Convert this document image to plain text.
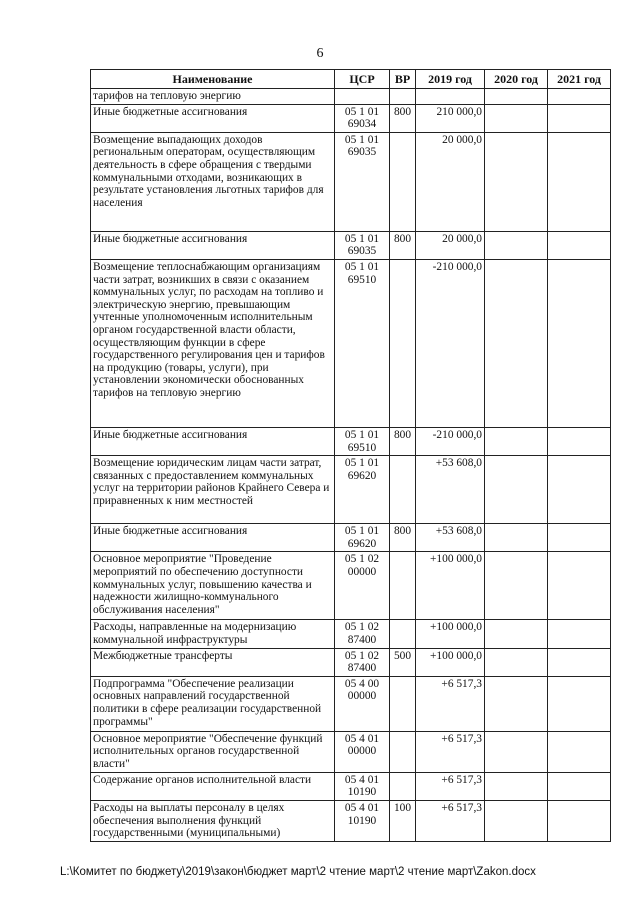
6
Наименование	ЦСР	ВР	2019 год	2020 год	2021 год
тарифов на тепловую энергию					
Иные бюджетные ассигнования	05 1 01 69034	800	210 000,0		
Возмещение выпадающих доходов региональным операторам, осуществляющим деятельность в сфере обращения с твердыми коммунальными отходами, возникающих в результате установления льготных тарифов для населения	05 1 01 69035		20 000,0		
Иные бюджетные ассигнования	05 1 01 69035	800	20 000,0		
Возмещение теплоснабжающим организациям части затрат, возникших в связи с оказанием коммунальных услуг, по расходам на топливо и электрическую энергию, превышающим учтенные уполномоченным исполнительным органом государственной власти области, осуществляющим функции в сфере государственного регулирования цен и тарифов на продукцию (товары, услуги), при установлении экономически обоснованных тарифов на тепловую энергию	05 1 01 69510		-210 000,0		
Иные бюджетные ассигнования	05 1 01 69510	800	-210 000,0		
Возмещение юридическим лицам части затрат, связанных с предоставлением коммунальных услуг на территории районов Крайнего Севера и приравненных к ним местностей	05 1 01 69620		+53 608,0		
Иные бюджетные ассигнования	05 1 01 69620	800	+53 608,0		
Основное мероприятие "Проведение мероприятий по обеспечению доступности коммунальных услуг, повышению качества и надежности жилищно-коммунального обслуживания населения"	05 1 02 00000		+100 000,0		
Расходы, направленные на модернизацию коммунальной инфраструктуры	05 1 02 87400		+100 000,0		
Межбюджетные трансферты	05 1 02 87400	500	+100 000,0		
Подпрограмма "Обеспечение реализации основных направлений государственной политики в сфере реализации государственной программы"	05 4 00 00000		+6 517,3		
Основное мероприятие "Обеспечение функций исполнительных органов государственной власти"	05 4 01 00000		+6 517,3		
Содержание органов исполнительной власти	05 4 01 10190		+6 517,3		
Расходы на выплаты персоналу в целях обеспечения выполнения функций государственными (муниципальными)	05 4 01 10190	100	+6 517,3		
L:\Комитет по бюджету\2019\закон\бюджет март\2 чтение март\2 чтение март\Zakon.docx
